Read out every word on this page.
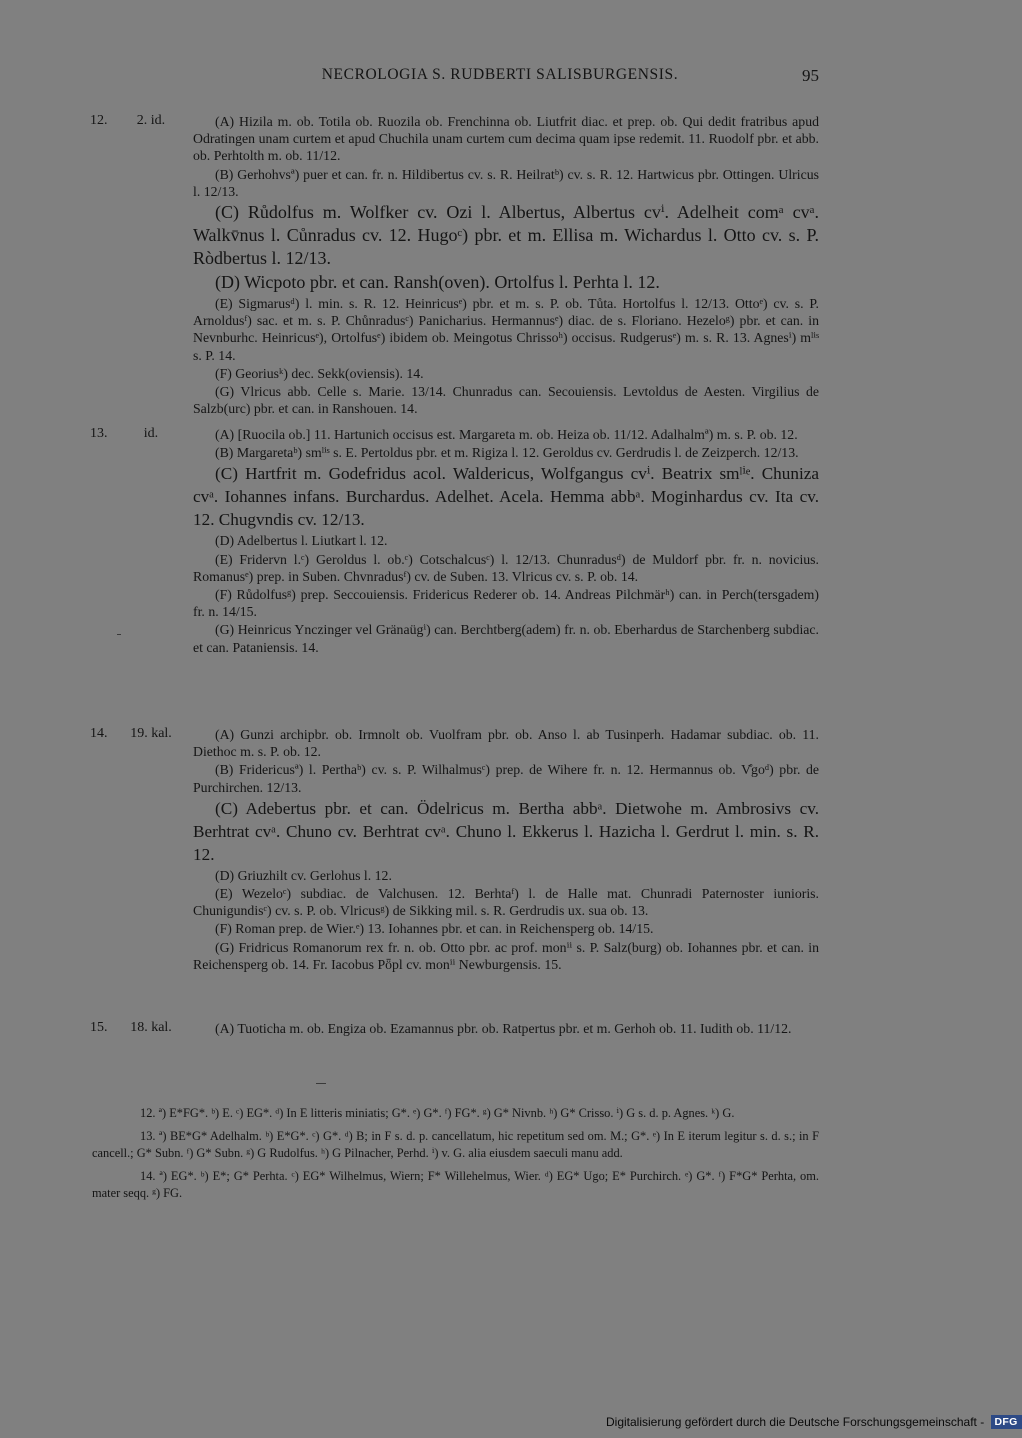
NECROLOGIA S. RUDBERTI SALISBURGENSIS.	95
12.	2. id.	(A) Hizila m. ob. Totila ob. Ruozila ob. Frenchinna ob. Liutfrit diac. et prep. ob. Qui dedit fratribus apud Odratingen unam curtem et apud Chuchila unam curtem cum decima quam ipse redemit. 11. Ruodolf pbr. et abb. ob. Perhtolth m. ob. 11/12.

(B) Gerhohvsª) puer et can. fr. n. Hildibertus cv. s. R. Heilratᵇ) cv. s. R. 12. Hartwicus pbr. Ottingen. Ulricus l. 12/13.

(C) Růdolfus m. Wolfker cv. Ozi l. Albertus, Albertus cvⁱ. Adelheit comᵃ cvᵃ. Walkv̄nus l. Cůnradus cv. 12. Hugoᶜ) pbr. et m. Ellisa m. Wichardus l. Otto cv. s. P. Ròdbertus l. 12/13.

(D) Wicpoto pbr. et can. Ransh(oven). Ortolfus l. Perhta l. 12.

(E) Sigmarusᵈ) l. min. s. R. 12. Heinricusᵉ) pbr. et m. s. P. ob. Tůta. Hortolfus l. 12/13. Ottoᵉ) cv. s. P. Arnoldusᶠ) sac. et m. s. P. Chůnradusᶜ) Panicharius. Hermannusᵉ) diac. de s. Floriano. Hezeloᵍ) pbr. et can. in Nevnburhc. Heinricusᵉ), Ortolfusᵉ) ibidem ob. Meingotus Chrissoʰ) occisus. Rudgerusᵉ) m. s. R. 13. Agnesⁱ) mˡⁱˢ s. P. 14.

(F) Georiusᵏ) dec. Sekk(oviensis). 14.

(G) Vlricus abb. Celle s. Marie. 13/14. Chunradus can. Secouiensis. Levtoldus de Aesten. Virgilius de Salzb(urc) pbr. et can. in Ranshouen. 14.

13.	id.	(A) [Ruocila ob.] 11. Hartunich occisus est. Margareta m. ob. Heiza ob. 11/12. Adalhalmª) m. s. P. ob. 12.

(B) Margaretaᵇ) smˡⁱˢ s. E. Pertoldus pbr. et m. Rigiza l. 12. Geroldus cv. Gerdrudis l. de Zeizperch. 12/13.

(C) Hartfrit m. Godefridus acol. Waldericus, Wolfgangus cvⁱ. Beatrix smˡⁱᵉ. Chuniza cvᵃ. Iohannes infans. Burchardus. Adelhet. Acela. Hemma abbᵃ. Moginhardus cv. Ita cv. 12. Chugvndis cv. 12/13.

(D) Adelbertus l. Liutkart l. 12.

(E) Fridervn l.ᶜ) Geroldus l. ob.ᶜ) Cotschalcusᶜ) l. 12/13. Chunradusᵈ) de Muldorf pbr. fr. n. novicius. Romanusᵉ) prep. in Suben. Chvnradusᶠ) cv. de Suben. 13. Vlricus cv. s. P. ob. 14.

(F) Růdolfusᵍ) prep. Seccouiensis. Fridericus Rederer ob. 14. Andreas Pilchmärʰ) can. in Perch(tersgadem) fr. n. 14/15.

(G) Heinricus Ynczinger vel Gränaügⁱ) can. Berchtberg(adem) fr. n. ob. Eberhardus de Starchenberg subdiac. et can. Pataniensis. 14.

14. 19. kal.	(A) Gunzi archipbr. ob. Irmnolt ob. Vuolfram pbr. ob. Anso l. ab Tusinperh. Hadamar subdiac. ob. 11. Diethoc m. s. P. ob. 12.

(B) Fridericusª) l. Perthaᵇ) cv. s. P. Wilhalmusᶜ) prep. de Wihere fr. n. 12. Hermannus ob. V̊goᵈ) pbr. de Purchirchen. 12/13.

(C) Adebertus pbr. et can. Ödelricus m. Bertha abbᵃ. Dietwohe m. Ambrosivs cv. Berhtrat cvᵃ. Chuno cv. Berhtrat cvᵃ. Chuno l. Ekkerus l. Hazicha l. Gerdrut l. min. s. R. 12.

(D) Griuzhilt cv. Gerlohus l. 12.

(E) Wezeloᶜ) subdiac. de Valchusen. 12. Berhtaᶠ) l. de Halle mat. Chunradi Paternoster iunioris. Chunigundisᶜ) cv. s. P. ob. Vlricusᵍ) de Sikking mil. s. R. Gerdrudis ux. sua ob. 13.

(F) Roman prep. de Wier.ᵉ) 13. Iohannes pbr. et can. in Reichensperg ob. 14/15.

(G) Fridricus Romanorum rex fr. n. ob. Otto pbr. ac prof. monⁱⁱ s. P. Salz(burg) ob. Iohannes pbr. et can. in Reichensperg ob. 14. Fr. Iacobus Pȫpl cv. monⁱⁱ Newburgensis. 15.

15. 18. kal.	(A) Tuoticha m. ob. Engiza ob. Ezamannus pbr. ob. Ratpertus pbr. et m. Gerhoh ob. 11. Iudith ob. 11/12.

12. ª) E*FG*. ᵇ) E. ᶜ) EG*. ᵈ) In E litteris miniatis; G*. ᵉ) G*. ᶠ) FG*. ᵍ) G* Nivnb. ʰ) G* Crisso. ⁱ) G s. d. p. Agnes. ᵏ) G.

13. ª) BE*G* Adelhalm. ᵇ) E*G*. ᶜ) G*. ᵈ) B; in F s. d. p. cancellatum, hic repetitum sed om. M.; G*. ᵉ) In E iterum legitur s. d. s.; in F cancell.; G* Subn. ᶠ) G* Subn. ᵍ) G Rudolfus. ʰ) G Pilnacher, Perhd. ⁱ) v. G. alia eiusdem saeculi manu add.

14. ª) EG*. ᵇ) E*; G* Perhta. ᶜ) EG* Wilhelmus, Wiern; F* Willehelmus, Wier. ᵈ) EG* Ugo; E* Purchirch. ᵉ) G*. ᶠ) F*G* Perhta, om. mater seqq. ᵍ) FG.

Digitalisierung gefördert durch die Deutsche Forschungsgemeinschaft - DFG
